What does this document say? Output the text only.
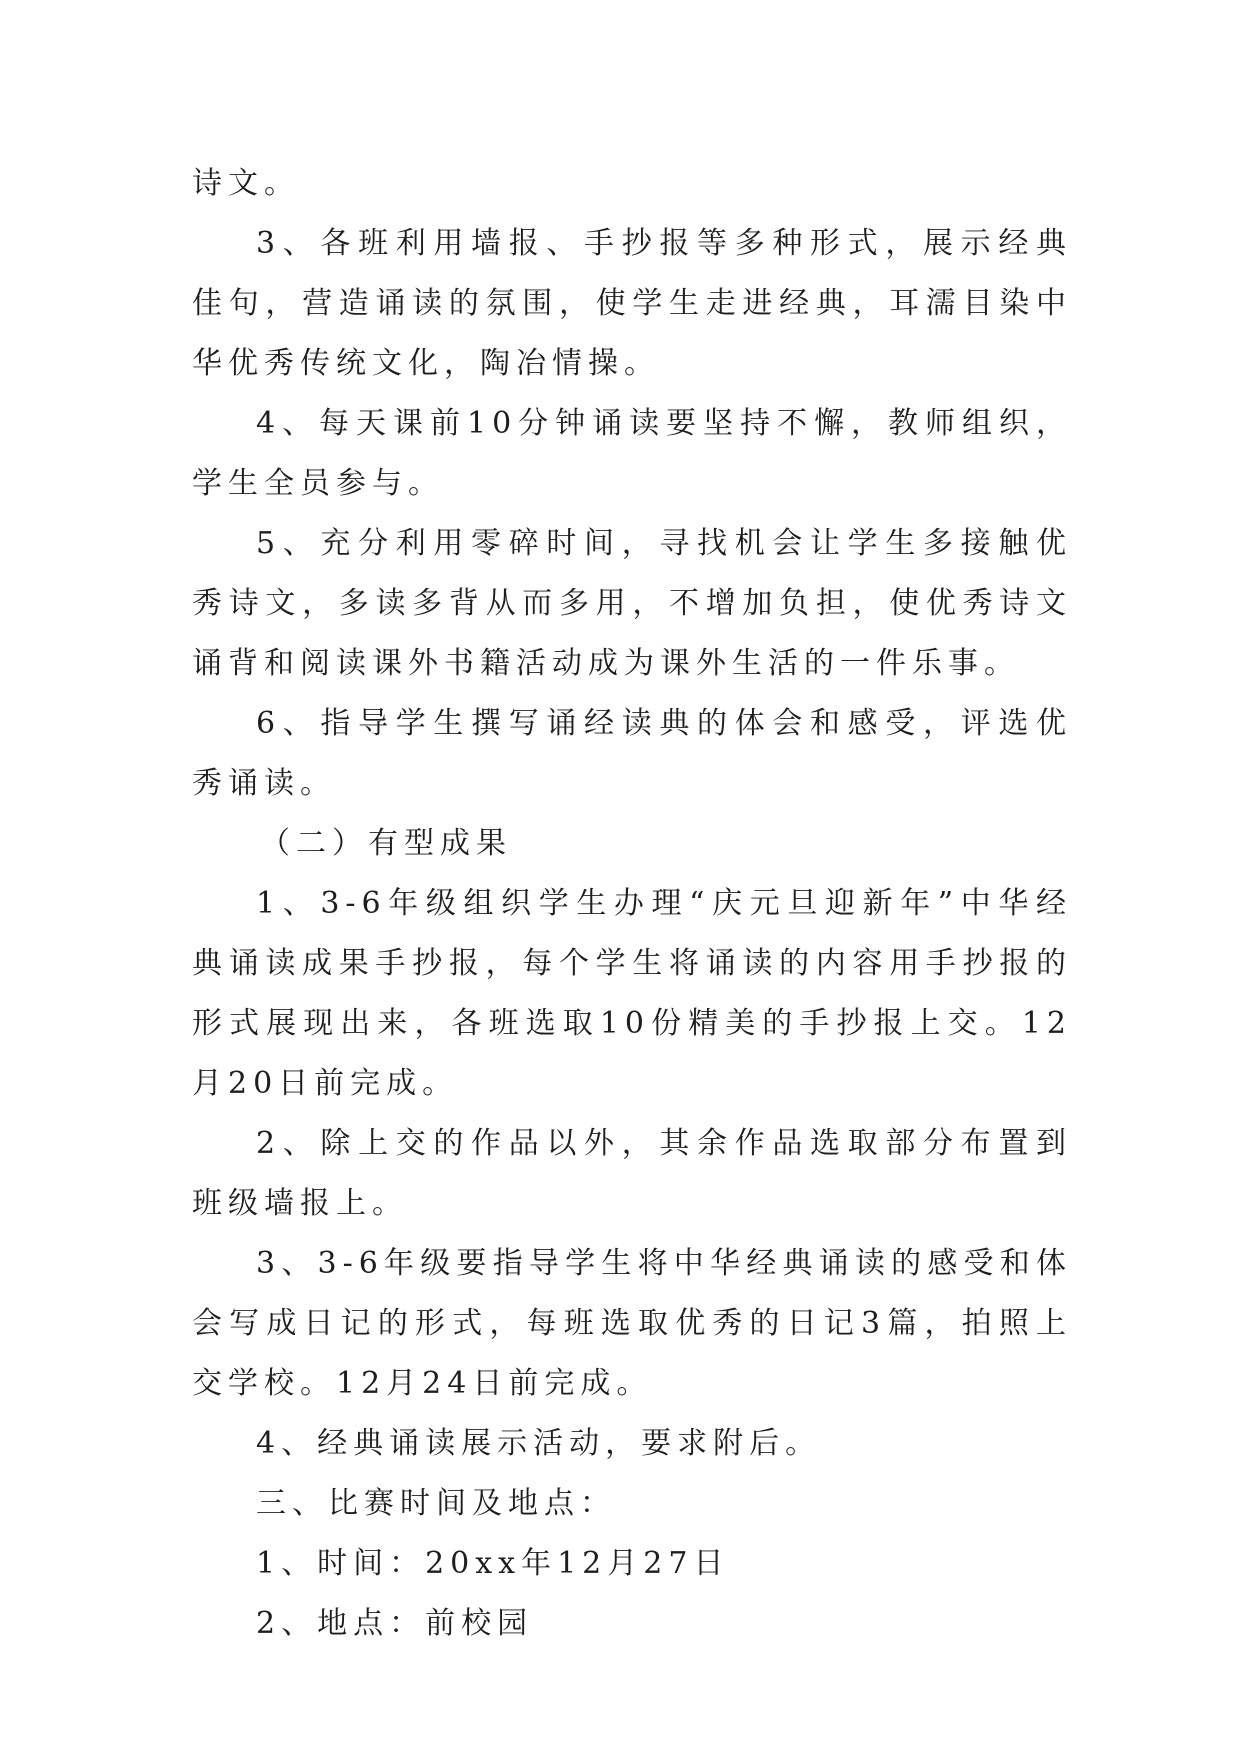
诗文。

3、各班利用墙报、手抄报等多种形式，展示经典佳句，营造诵读的氛围，使学生走进经典，耳濡目染中华优秀传统文化，陶冶情操。

4、每天课前10分钟诵读要坚持不懈，教师组织，学生全员参与。

5、充分利用零碎时间，寻找机会让学生多接触优秀诗文，多读多背从而多用，不增加负担，使优秀诗文诵背和阅读课外书籍活动成为课外生活的一件乐事。

6、指导学生撰写诵经读典的体会和感受，评选优秀诵读。

（二）有型成果

1、3-6年级组织学生办理“庆元旦迎新年”中华经典诵读成果手抄报，每个学生将诵读的内容用手抄报的形式展现出来，各班选取10份精美的手抄报上交。12月20日前完成。

2、除上交的作品以外，其余作品选取部分布置到班级墙报上。

3、3-6年级要指导学生将中华经典诵读的感受和体会写成日记的形式，每班选取优秀的日记3篇，拍照上交学校。12月24日前完成。

4、经典诵读展示活动，要求附后。

三、比赛时间及地点：

1、时间：20xx年12月27日

2、地点：前校园
